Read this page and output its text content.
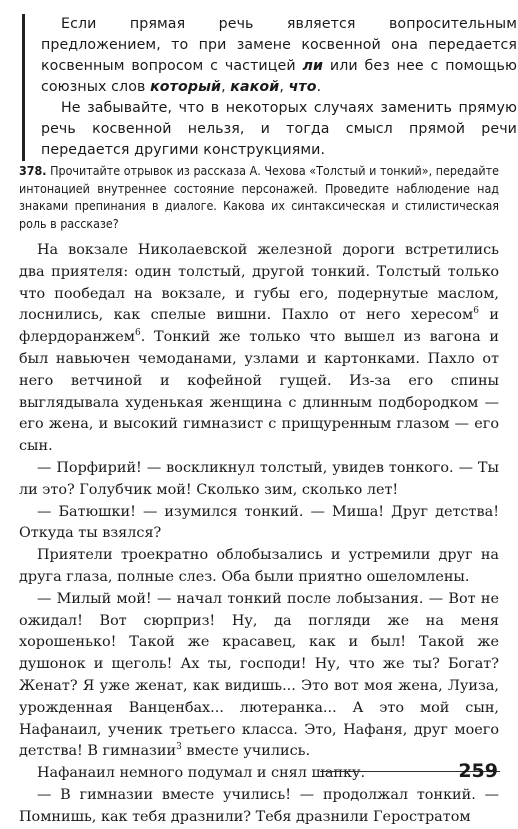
Если прямая речь является вопросительным предложением, то при замене косвенной она передается косвенным вопросом с частицей ли или без нее с помощью союзных слов который, какой, что.

Не забывайте, что в некоторых случаях заменить прямую речь косвенной нельзя, и тогда смысл прямой речи передается другими конструкциями.

378. Прочитайте отрывок из рассказа А. Чехова «Толстый и тонкий», передайте интонацией внутреннее состояние персонажей. Проведите наблюдение над знаками препинания в диалоге. Какова их синтаксическая и стилистическая роль в рассказе?

На вокзале Николаевской железной дороги встретились два приятеля: один толстый, другой тонкий. Толстый только что пообедал на вокзале, и губы его, подернутые маслом, лоснились, как спелые вишни. Пахло от него хересом$^6$ и флердоранжем$^6$. Тонкий же только что вышел из вагона и был навьючен чемоданами, узлами и картонками. Пахло от него ветчиной и кофейной гущей. Из-за его спины выглядывала худенькая женщина с длинным подбородком — его жена, и высокий гимназист с прищуренным глазом — его сын.

— Порфирий! — воскликнул толстый, увидев тонкого. — Ты ли это? Голубчик мой! Сколько зим, сколько лет!

— Батюшки! — изумился тонкий. — Миша! Друг детства! Откуда ты взялся?

Приятели троекратно облобызались и устремили друг на друга глаза, полные слез. Оба были приятно ошеломлены.

— Милый мой! — начал тонкий после лобызания. — Вот не ожидал! Вот сюрприз! Ну, да погляди же на меня хорошенько! Такой же красавец, как и был! Такой же душонок и щеголь! Ах ты, господи! Ну, что же ты? Богат? Женат? Я уже женат, как видишь... Это вот моя жена, Луиза, урожденная Ванценбах... лютеранка... А это мой сын, Нафанаил, ученик третьего класса. Это, Нафаня, друг моего детства! В гимназии$^3$ вместе учились.

Нафанаил немного подумал и снял шапку.

— В гимназии вместе учились! — продолжал тонкий. — Помнишь, как тебя дразнили? Тебя дразнили Геростратом

259
